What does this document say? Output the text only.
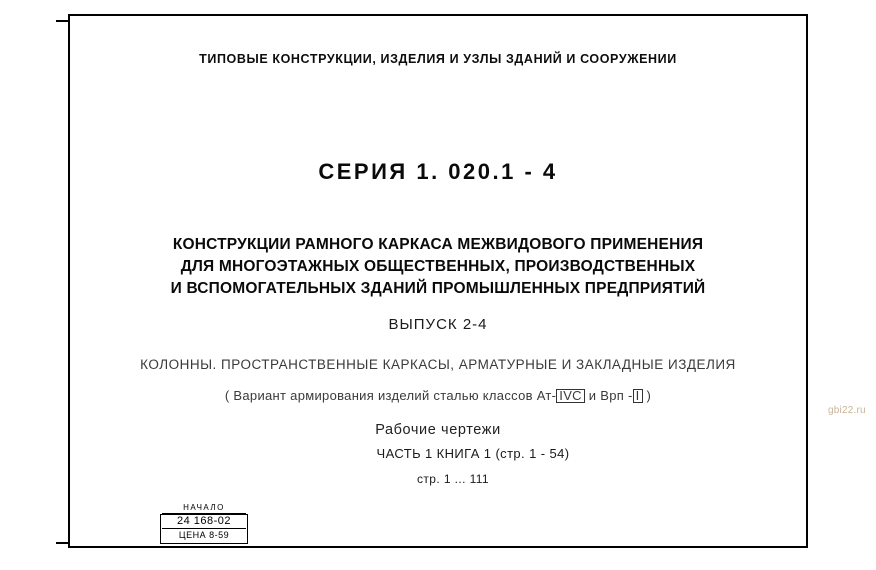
ТИПОВЫЕ КОНСТРУКЦИИ, ИЗДЕЛИЯ И УЗЛЫ ЗДАНИЙ И СООРУЖЕНИИ
СЕРИЯ 1. 020.1 - 4
КОНСТРУКЦИИ РАМНОГО КАРКАСА МЕЖВИДОВОГО ПРИМЕНЕНИЯ
ДЛЯ МНОГОЭТАЖНЫХ ОБЩЕСТВЕННЫХ, ПРОИЗВОДСТВЕННЫХ
И ВСПОМОГАТЕЛЬНЫХ ЗДАНИЙ ПРОМЫШЛЕННЫХ ПРЕДПРИЯТИЙ
ВЫПУСК 2-4
КОЛОННЫ. ПРОСТРАНСТВЕННЫЕ КАРКАСЫ, АРМАТУРНЫЕ И ЗАКЛАДНЫЕ ИЗДЕЛИЯ
( Вариант армирования изделий сталью классов Ат- IVC и Врп - I )
Рабочие чертежи
ЧАСТЬ 1 КНИГА 1 (стр. 1 - 54)
стр. 1 ... 111
НАЧАЛО
24 168-02
ЦЕНА 8-59
gbi22.ru
